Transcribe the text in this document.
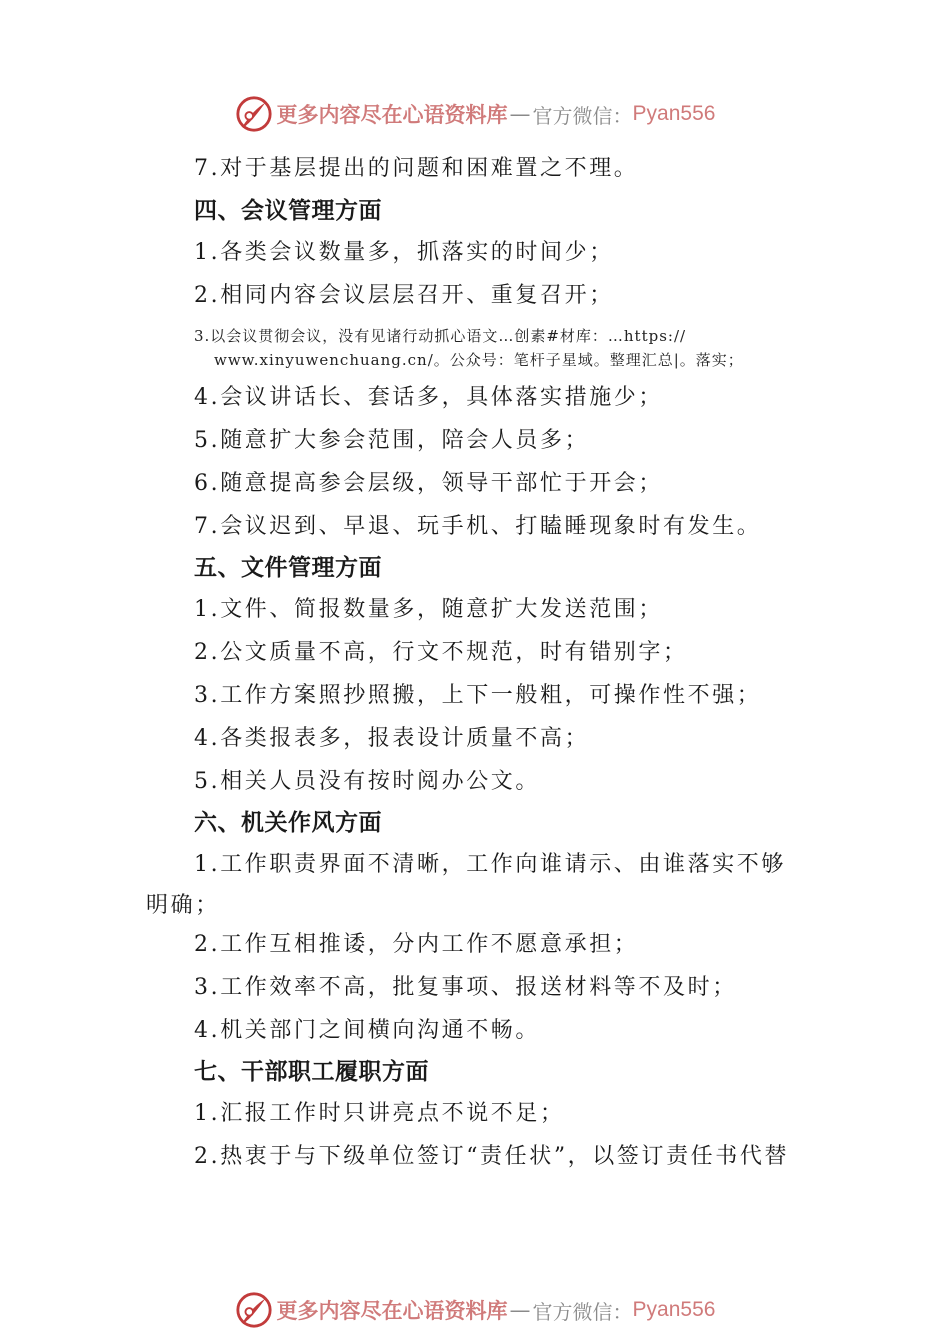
更多内容尽在心语资料库 — 官方微信： Pyan556
7.对于基层提出的问题和困难置之不理。
四、会议管理方面
1.各类会议数量多，抓落实的时间少；
2.相同内容会议层层召开、重复召开；
3.以会议贯彻会议，没有见诸行动抓心语文…创素#材库：…https://
www.xinyuwenchuang.cn/。公众号：笔杆子星域。整理汇总|。落实；
4.会议讲话长、套话多，具体落实措施少；
5.随意扩大参会范围，陪会人员多；
6.随意提高参会层级，领导干部忙于开会；
7.会议迟到、早退、玩手机、打瞌睡现象时有发生。
五、文件管理方面
1.文件、简报数量多，随意扩大发送范围；
2.公文质量不高，行文不规范，时有错别字；
3.工作方案照抄照搬，上下一般粗，可操作性不强；
4.各类报表多，报表设计质量不高；
5.相关人员没有按时阅办公文。
六、机关作风方面
1.工作职责界面不清晰，工作向谁请示、由谁落实不够
明确；
2.工作互相推诿，分内工作不愿意承担；
3.工作效率不高，批复事项、报送材料等不及时；
4.机关部门之间横向沟通不畅。
七、干部职工履职方面
1.汇报工作时只讲亮点不说不足；
2.热衷于与下级单位签订“责任状”，以签订责任书代替
更多内容尽在心语资料库 — 官方微信： Pyan556
